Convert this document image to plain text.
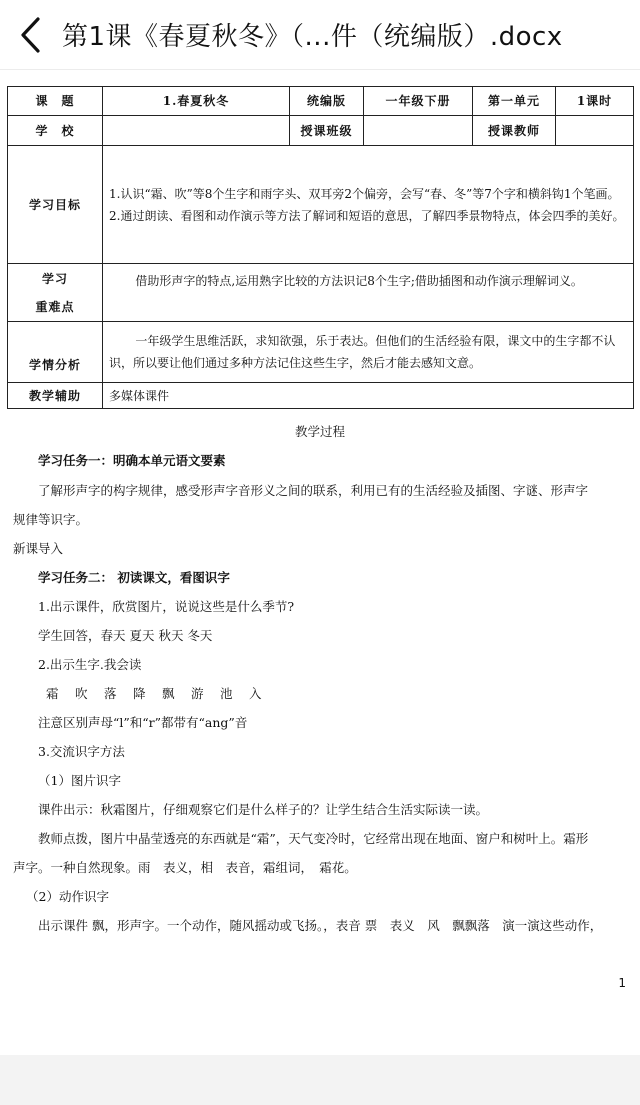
第1课《春夏秋冬》（...件（统编版）.docx
课　题	1.春夏秋冬	统编版	一年级下册	第一单元	1课时
学　校		授课班级		授课教师	
学习目标	1.认识“霜、吹”等8个生字和雨字头、双耳旁2个偏旁，会写“春、冬”等7个字和横斜钩1个笔画。
2.通过朗读、看图和动作演示等方法了解词和短语的意思，了解四季景物特点，体会四季的美好。				

学习
重难点	借助形声字的特点,运用熟字比较的方法识记8个生字;借助插图和动作演示理解词义。				
学情分析	一年级学生思维活跃，求知欲强，乐于表达。但他们的生活经验有限，课文中的生字都不认识，所以要让他们通过多种方法记住这些生字，然后才能去感知文意。				
教学辅助	多媒体课件				
教学过程
学习任务一：明确本单元语文要素
了解形声字的构字规律，感受形声字音形义之间的联系，利用已有的生活经验及插图、字谜、形声字
规律等识字。
新课导入
学习任务二： 初读课文，看图识字
1.出示课件，欣赏图片，说说这些是什么季节?
学生回答，春天 夏天 秋天 冬天
2.出示生字.我会读
霜　吹　落　降　飘　游　池　入
注意区别声母“l”和“r”都带有“ang”音
3.交流识字方法
（1）图片识字
课件出示：秋霜图片，仔细观察它们是什么样子的？让学生结合生活实际读一读。
教师点拨，图片中晶莹透亮的东西就是“霜”，天气变冷时，它经常出现在地面、窗户和树叶上。霜形
声字。一种自然现象。雨　表义，相　表音，霜组词，　霜花。
（2）动作识字
出示课件 飘，形声字。一个动作，随风摇动或飞扬。，表音 票　表义　风　飘飘落　演一演这些动作，
1
